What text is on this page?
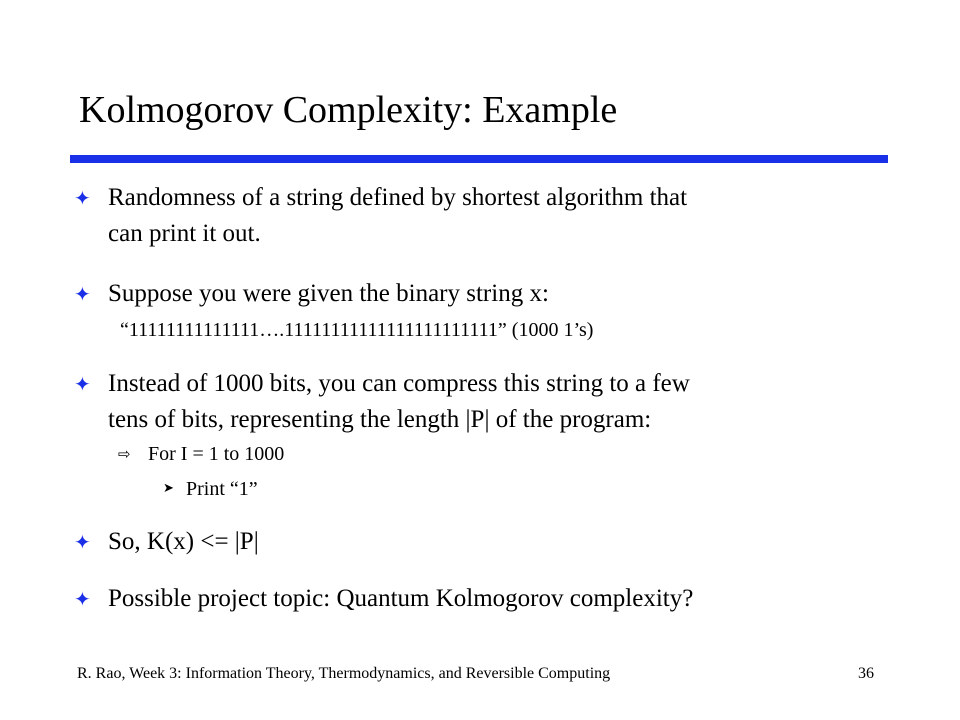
Kolmogorov Complexity: Example
✦ Randomness of a string defined by shortest algorithm that
can print it out.
✦ Suppose you were given the binary string x:
“11111111111111….11111111111111111111111” (1000 1’s)
✦ Instead of 1000 bits, you can compress this string to a few
tens of bits, representing the length |P| of the program:
⇨ For I = 1 to 1000
➤ Print “1”
✦ So, K(x) <= |P|
✦ Possible project topic: Quantum Kolmogorov complexity?
R. Rao, Week 3: Information Theory, Thermodynamics, and Reversible Computing	36
